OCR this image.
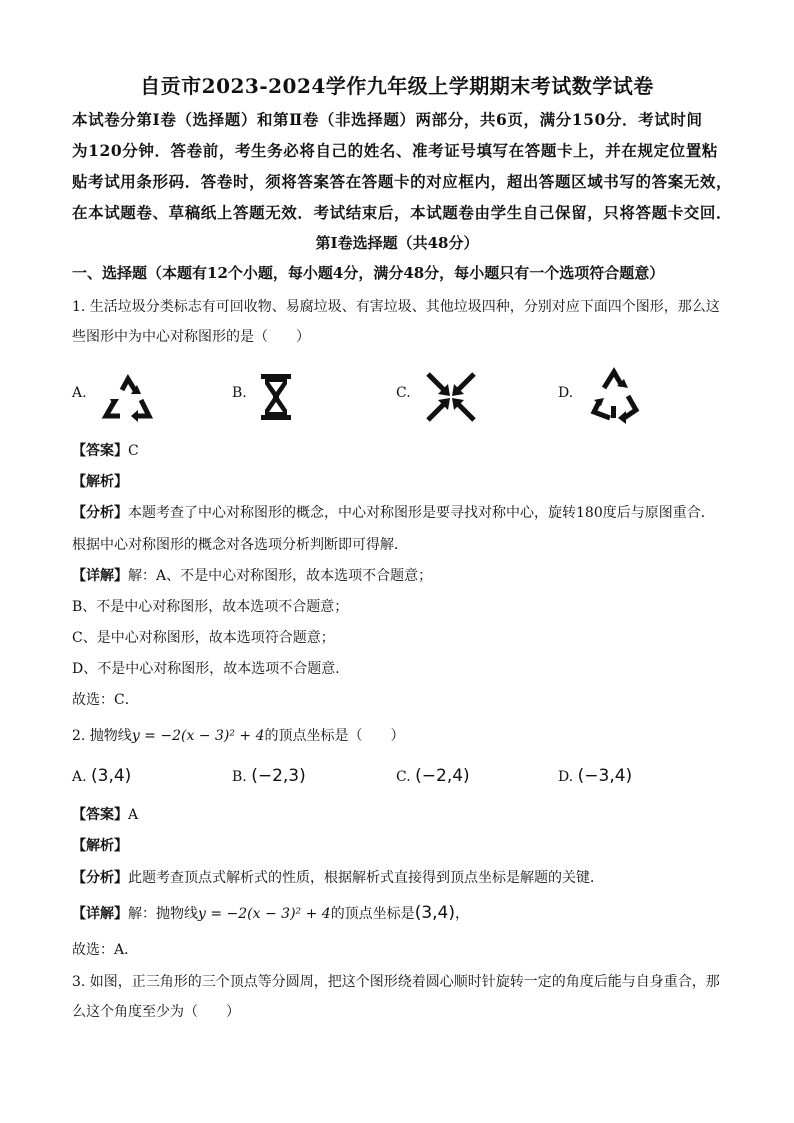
自贡市2023-2024学作九年级上学期期末考试数学试卷

本试卷分第Ⅰ卷（选择题）和第Ⅱ卷（非选择题）两部分，共6页，满分150分．考试时间

为120分钟．答卷前，考生务必将自己的姓名、准考证号填写在答题卡上，并在规定位置粘

贴考试用条形码．答卷时，须将答案答在答题卡的对应框内，超出答题区域书写的答案无效，

在本试题卷、草稿纸上答题无效．考试结束后，本试题卷由学生自己保留，只将答题卡交回．

第Ⅰ卷选择题（共48分）
一、选择题（本题有12个小题，每小题4分，满分48分，每小题只有一个选项符合题意）
1. 生活垃圾分类标志有可回收物、易腐垃圾、有害垃圾、其他垃圾四种，分别对应下面四个图形，那么这
些图形中为中心对称图形的是（　　）
A.	B.	C.	D.
【答案】C
【解析】
【分析】本题考查了中心对称图形的概念，中心对称图形是要寻找对称中心，旋转180度后与原图重合．
根据中心对称图形的概念对各选项分析判断即可得解．
【详解】解：A、不是中心对称图形，故本选项不合题意；
B、不是中心对称图形，故本选项不合题意；
C、是中心对称图形，故本选项符合题意；
D、不是中心对称图形，故本选项不合题意．
故选：C．
2. 抛物线y = −2(x − 3)² + 4的顶点坐标是（　　）
A. (3,4)	B. (−2,3)	C. (−2,4)	D. (−3,4)
【答案】A
【解析】
【分析】此题考查顶点式解析式的性质，根据解析式直接得到顶点坐标是解题的关键．
【详解】解：抛物线y = −2(x − 3)² + 4的顶点坐标是(3,4)，
故选：A．
3. 如图，正三角形的三个顶点等分圆周，把这个图形绕着圆心顺时针旋转一定的角度后能与自身重合，那
么这个角度至少为（　　）
